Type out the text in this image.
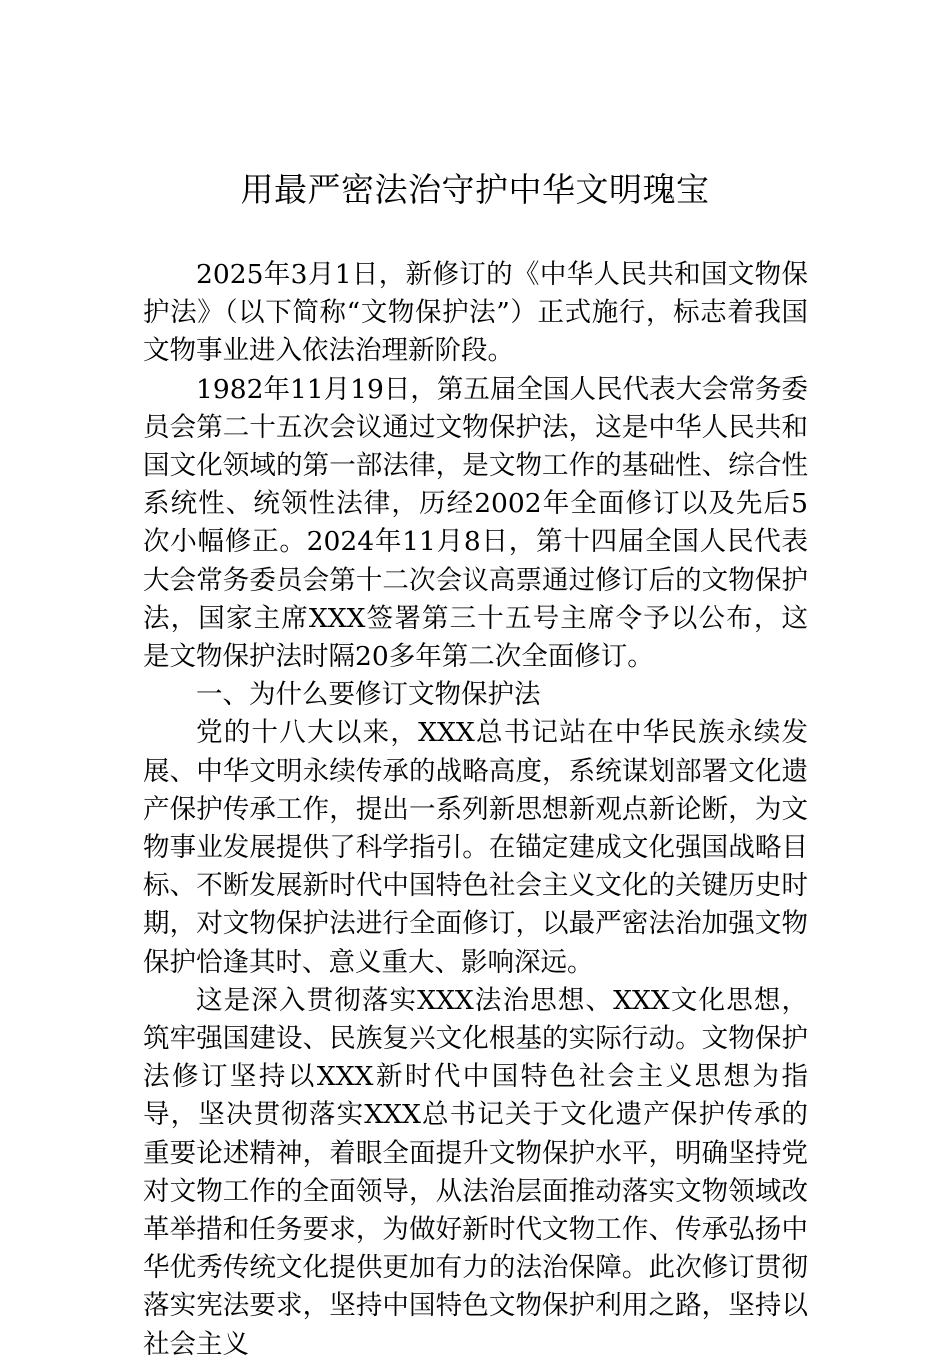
用最严密法治守护中华文明瑰宝

2025年3月1日，新修订的《中华人民共和国文物保护法》（以下简称“文物保护法”）正式施行，标志着我国文物事业进入依法治理新阶段。

1982年11月19日，第五届全国人民代表大会常务委员会第二十五次会议通过文物保护法，这是中华人民共和国文化领域的第一部法律，是文物工作的基础性、综合性系统性、统领性法律，历经2002年全面修订以及先后5次小幅修正。2024年11月8日，第十四届全国人民代表大会常务委员会第十二次会议高票通过修订后的文物保护法，国家主席XXX签署第三十五号主席令予以公布，这是文物保护法时隔20多年第二次全面修订。

一、为什么要修订文物保护法

党的十八大以来，XXX总书记站在中华民族永续发展、中华文明永续传承的战略高度，系统谋划部署文化遗产保护传承工作，提出一系列新思想新观点新论断，为文物事业发展提供了科学指引。在锚定建成文化强国战略目标、不断发展新时代中国特色社会主义文化的关键历史时期，对文物保护法进行全面修订，以最严密法治加强文物保护恰逢其时、意义重大、影响深远。

这是深入贯彻落实XXX法治思想、XXX文化思想，筑牢强国建设、民族复兴文化根基的实际行动。文物保护法修订坚持以XXX新时代中国特色社会主义思想为指导，坚决贯彻落实XXX总书记关于文化遗产保护传承的重要论述精神，着眼全面提升文物保护水平，明确坚持党对文物工作的全面领导，从法治层面推动落实文物领域改革举措和任务要求，为做好新时代文物工作、传承弘扬中华优秀传统文化提供更加有力的法治保障。此次修订贯彻落实宪法要求，坚持中国特色文物保护利用之路，坚持以社会主义
